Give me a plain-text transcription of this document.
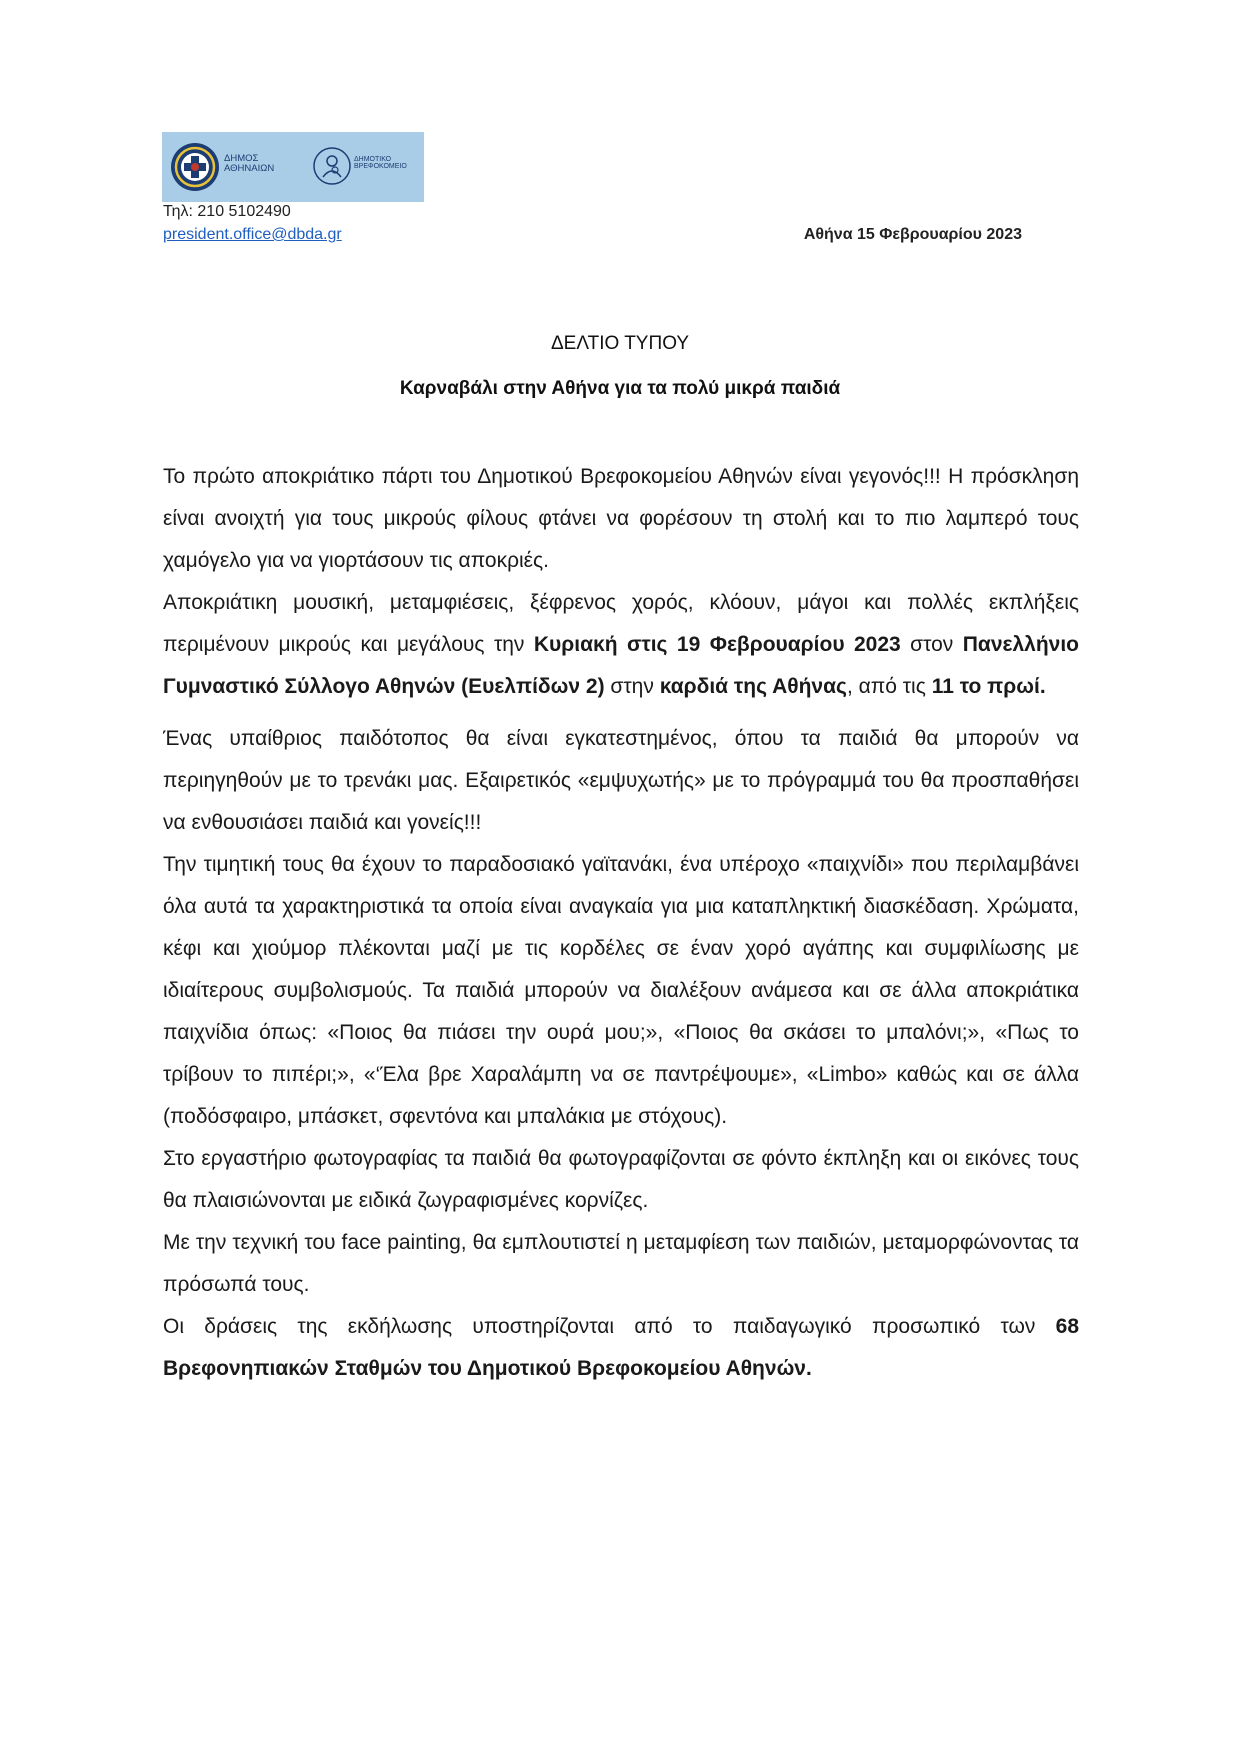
ΔΗΜΟΣ
ΑΘΗΝΑΙΩΝ
ΔΗΜΟΤΙΚΟ
ΒΡΕΦΟΚΟΜΕΙΟ
Τηλ: 210 5102490
president.office@dbda.gr	Αθήνα 15 Φεβρουαρίου 2023
ΔΕΛΤΙΟ ΤΥΠΟΥ
Καρναβάλι στην Αθήνα για τα πολύ μικρά παιδιά

Το πρώτο αποκριάτικο πάρτι του Δημοτικού Βρεφοκομείου Αθηνών είναι γεγονός!!! Η πρόσκληση είναι ανοιχτή για τους μικρούς φίλους φτάνει να φορέσουν τη στολή και το πιο λαμπερό τους χαμόγελο για να γιορτάσουν τις αποκριές.

Αποκριάτικη μουσική, μεταμφιέσεις, ξέφρενος χορός, κλόουν, μάγοι και πολλές εκπλήξεις περιμένουν μικρούς και μεγάλους την Κυριακή στις 19 Φεβρουαρίου 2023 στον Πανελλήνιο Γυμναστικό Σύλλογο Αθηνών (Ευελπίδων 2) στην καρδιά της Αθήνας, από τις 11 το πρωί.

Ένας υπαίθριος παιδότοπος θα είναι εγκατεστημένος, όπου τα παιδιά θα μπορούν να περιηγηθούν με το τρενάκι μας. Εξαιρετικός «εμψυχωτής» με το πρόγραμμά του θα προσπαθήσει να ενθουσιάσει παιδιά και γονείς!!!

Την τιμητική τους θα έχουν το παραδοσιακό γαϊτανάκι, ένα υπέροχο «παιχνίδι» που περιλαμβάνει όλα αυτά τα χαρακτηριστικά τα οποία είναι αναγκαία για μια καταπληκτική διασκέδαση. Χρώματα, κέφι και χιούμορ πλέκονται μαζί με τις κορδέλες σε έναν χορό αγάπης και συμφιλίωσης με ιδιαίτερους συμβολισμούς. Τα παιδιά μπορούν να διαλέξουν ανάμεσα και σε άλλα αποκριάτικα παιχνίδια όπως: «Ποιος θα πιάσει την ουρά μου;», «Ποιος θα σκάσει το μπαλόνι;», «Πως το τρίβουν το πιπέρι;», «‘Έλα βρε Χαραλάμπη να σε παντρέψουμε», «Limbo» καθώς και σε άλλα (ποδόσφαιρο, μπάσκετ, σφεντόνα και μπαλάκια με στόχους).

Στο εργαστήριο φωτογραφίας τα παιδιά θα φωτογραφίζονται σε φόντο έκπληξη και οι εικόνες τους θα πλαισιώνονται με ειδικά ζωγραφισμένες κορνίζες.

Με την τεχνική του face painting, θα εμπλουτιστεί η μεταμφίεση των παιδιών, μεταμορφώνοντας τα πρόσωπά τους.

Οι δράσεις της εκδήλωσης υποστηρίζονται από το παιδαγωγικό προσωπικό των 68 Βρεφονηπιακών Σταθμών του Δημοτικού Βρεφοκομείου Αθηνών.
